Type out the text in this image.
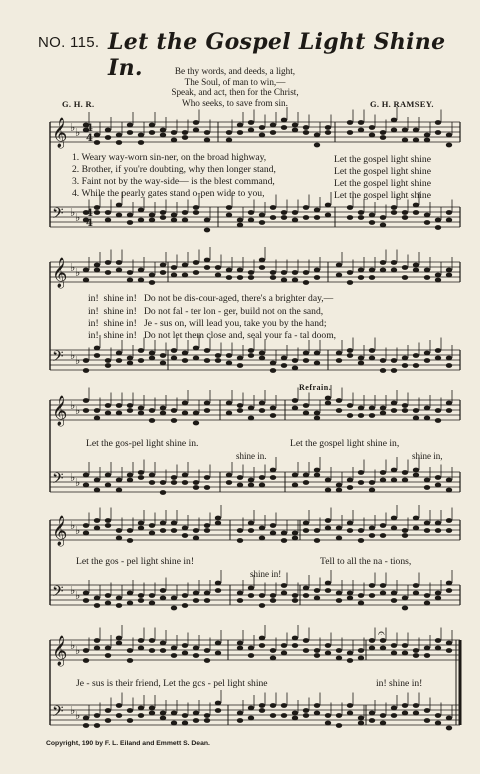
NO. 115. Let the Gospel Light Shine In.	Be thy words, and deeds, a light,
The Soul, of man to win,—
Speak, and act, then for the Christ,
Who seeks, to save from sin.
G. H. R.	G. H. RAMSEY.
𝄞 ♭ ♭
𝄢 ♭ ♭
4
4
4
4
𝄞 ♭ ♭
𝄢 ♭ ♭
𝄞 ♭ ♭
𝄢 ♭ ♭
𝄞 ♭ ♭
𝄢 ♭ ♭
𝄞 ♭ ♭
𝄢 ♭ ♭
𝄐
1. Weary way-worn sin-ner, on the broad highway,
2. Brother, if you're doubting, why then longer stand,
3. Faint not by the way-side— is the blest command,
4. While the pearly gates stand o-pen wide to you,
Let the gospel light shine
Let the gospel light shine
Let the gospel light shine
Let the gospel light shine
in! shine in! Do not be dis-cour-aged, there's a brighter day,—
in! shine in! Do not fal - ter lon - ger, build not on the sand,
in! shine in! Je - sus on, will lead you, take you by the hand;
in! shine in! Do not let them close and, seal your fa - tal doom,
Refrain.
Let the gos-pel light shine in.
shine in.
Let the gospel light shine in,
shine in,
Let the gos - pel light shine in!
shine in!
Tell to all the na - tions,
Je - sus is their friend, Let the gcs - pel light shine	in! shine in!
Copyright, 190 by F. L. Eiland and Emmett S. Dean.
